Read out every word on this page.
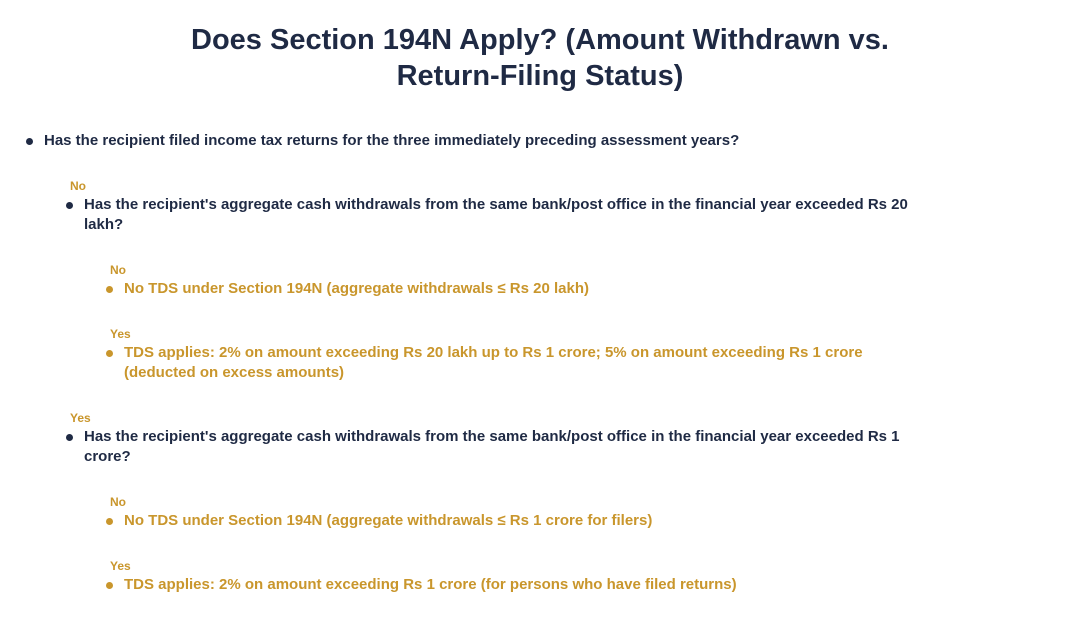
Does Section 194N Apply? (Amount Withdrawn vs.
Return-Filing Status)
Has the recipient filed income tax returns for the three immediately preceding assessment years?
No
Has the recipient's aggregate cash withdrawals from the same bank/post office in the financial year exceeded Rs 20 lakh?
No
No TDS under Section 194N (aggregate withdrawals ≤ Rs 20 lakh)
Yes
TDS applies: 2% on amount exceeding Rs 20 lakh up to Rs 1 crore; 5% on amount exceeding Rs 1 crore (deducted on excess amounts)
Yes
Has the recipient's aggregate cash withdrawals from the same bank/post office in the financial year exceeded Rs 1 crore?
No
No TDS under Section 194N (aggregate withdrawals ≤ Rs 1 crore for filers)
Yes
TDS applies: 2% on amount exceeding Rs 1 crore (for persons who have filed returns)
